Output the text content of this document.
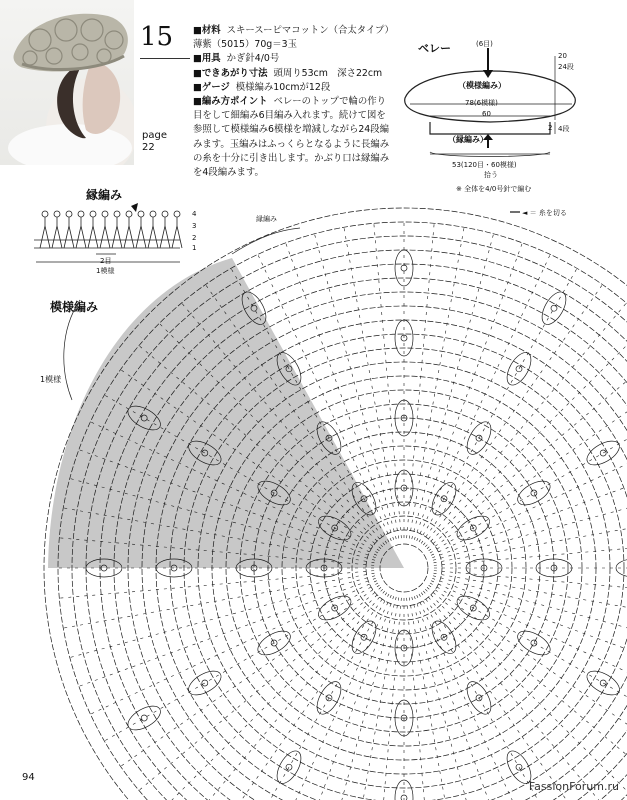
15
page
22

■材料 スキースーピマコットン（合太タイプ）薄紫（5015）70g＝3玉

■用具 かぎ針4/0号

■できあがり寸法 頭周り53cm　深さ22cm

■ゲージ 模様編み10cmが12段

■編み方ポイント ベレーのトップで輪の作り目をして細編み6目編み入れます。続けて図を参照して模様編み6模様を増減しながら24段編みます。玉編みはふっくらとなるように長編みの糸を十分に引き出します。かぶり口は縁編みを4段編みます。

ベレー	(6目)
（模様編み）
78(6模様)
60
（縁編み）
20
24段
2 4段
53(120目・60模様)
拾う
※ 全体を4/0号針で編む
縁編み
4
3
2
1
2目
1模様
模様編み
1模様
縁編み
◄ ＝ 糸を切る
94
FassionForum.ru
